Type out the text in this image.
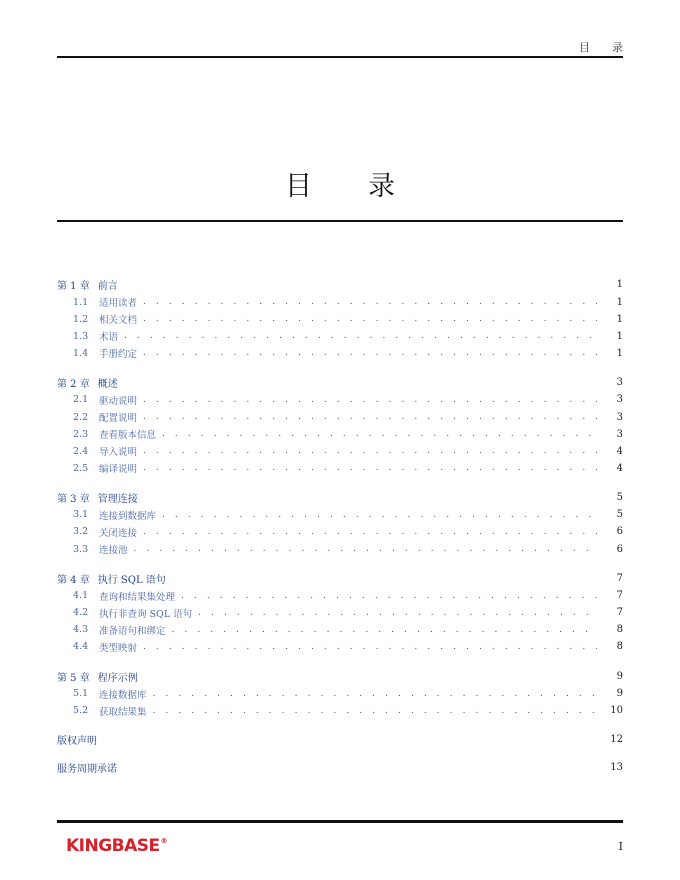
目录
目录
第 1 章 前言	1
1.1	适用读者 . . .	1
1.2	相关文档 . . .	1
1.3	术语 . . .	1
1.4	手册约定 . . .	1
第 2 章 概述	3
2.1	驱动说明 . . .	3
2.2	配置说明 . . .	3
2.3	查看版本信息 . . .	3
2.4	导入说明 . . .	4
2.5	编译说明 . . .	4
第 3 章 管理连接	5
3.1	连接到数据库 . . .	5
3.2	关闭连接 . . .	6
3.3	连接池 . . .	6
第 4 章 执行 SQL 语句	7
4.1	查询和结果集处理 . . .	7
4.2	执行非查询 SQL 语句 . . .	7
4.3	准备语句和绑定 . . .	8
4.4	类型映射 . . .	8
第 5 章 程序示例	9
5.1	连接数据库 . . .	9
5.2	获取结果集 . . .	10
版权声明	12
服务周期承诺	13
KINGBASE ®	I
